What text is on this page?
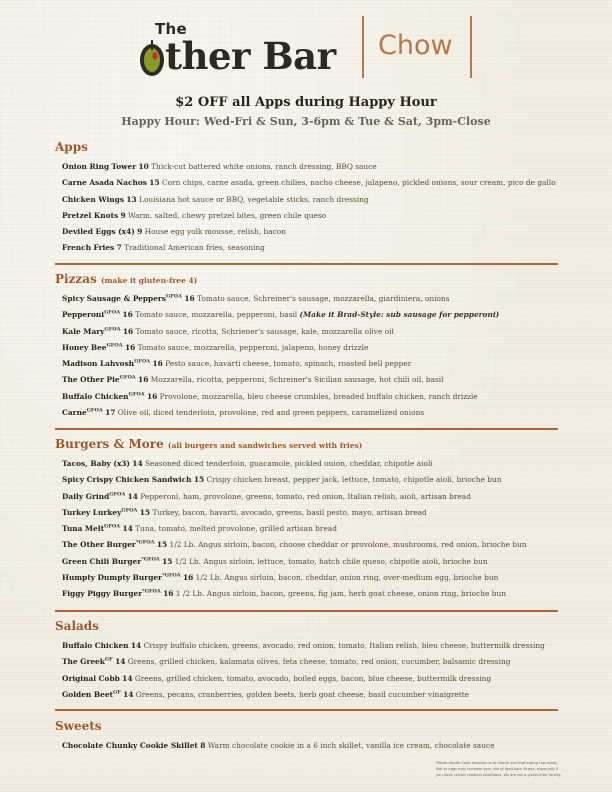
The
ther Bar Chow
$2 OFF all Apps during Happy Hour
Happy Hour: Wed-Fri & Sun, 3-6pm & Tue & Sat, 3pm-Close
Apps
Onion Ring Tower 10 Thick-cut battered white onions, ranch dressing, BBQ sauce
Carne Asada Nachos 15 Corn chips, carne asada, green chilies, nacho cheese, jalapeno, pickled onions, sour cream, pico de gallo
Chicken Wings 13 Louisiana hot sauce or BBQ, vegetable sticks, ranch dressing
Pretzel Knots 9 Warm, salted, chewy pretzel bites, green chile queso
Deviled Eggs (x4) 9 House egg yolk mousse, relish, bacon
French Fries 7 Traditional American fries, seasoning
Pizzas (make it gluten-free 4)
Spicy Sausage & Peppers$^{GFOA}$ 16 Tomato sauce, Schreiner's sausage, mozzarella, giardiniera, onions
Pepperoni$^{GFOA}$ 16 Tomato sauce, mozzarella, pepperoni, basil (Make it Brad-Style: sub sausage for pepperoni)
Kale Mary$^{GFOA}$ 16 Tomato sauce, ricotta, Schriener's sausage, kale, mozzarella olive oil
Honey Bee$^{GFOA}$ 16 Tomato sauce, mozzarella, pepperoni, jalapeno, honey drizzle
Madison Lahvosh$^{GFOA}$ 16 Pesto sauce, havarti cheese, tomato, spinach, roasted bell pepper
The Other Pie$^{GFOA}$ 16 Mozzarella, ricotta, pepperoni, Schreiner's Sicilian sausage, hot chili oil, basil
Buffalo Chicken$^{GFOA}$ 16 Provolone, mozzarella, bleu cheese crumbles, breaded buffalo chicken, ranch drizzle
Carne$^{GFOA}$ 17 Olive oil, diced tenderloin, provolone, red and green peppers, caramelized onions
Burgers & More (all burgers and sandwiches served with fries)
Tacos, Baby (x3) 14 Seasoned diced tenderloin, guacamole, pickled onion, cheddar, chipotle aioli
Spicy Crispy Chicken Sandwich 15 Crispy chicken breast, pepper jack, lettuce, tomato, chipotle aioli, brioche bun
Daily Grind$^{GFOA}$ 14 Pepperoni, ham, provolone, greens, tomato, red onion, Italian relish, aioli, artisan bread
Turkey Lurkey$^{GFOA}$ 15 Turkey, bacon, havarti, avocado, greens, basil pesto, mayo, artisan bread
Tuna Melt$^{GFOA}$ 14 Tuna, tomato, melted provolone, grilled artisan bread
The Other Burger$^{*GFOA}$ 15 1/2 Lb. Angus sirloin, bacon, choose cheddar or provolone, mushrooms, red onion, brioche bun
Green Chili Burger$^{*GFOA}$ 15 1/2 Lb. Angus sirloin, lettuce, tomato, hatch chile queso, chipotle aioli, brioche bun
Humpty Dumpty Burger$^{*GFOA}$ 16 1/2 Lb. Angus sirloin, bacon, cheddar, onion ring, over-medium egg, brioche bun
Figgy Piggy Burger$^{*GFOA}$ 16 1 /2 Lb. Angus sirloin, bacon, greens, fig jam, herb goat cheese, onion ring, brioche bun
Salads
Buffalo Chicken 14 Crispy buffalo chicken, greens, avocado, red onion, tomato, Italian relish, bleu cheese, buttermilk dressing
The Greek$^{GF}$ 14 Greens, grilled chicken, kalamata olives, feta cheese, tomato, red onion, cucumber, balsamic dressing
Original Cobb 14 Greens, grilled chicken, tomato, avocado, boiled eggs, bacon, blue cheese, buttermilk dressing
Golden Beet$^{GF}$ 14 Greens, pecans, cranberries, golden beets, herb goat cheese, basil cucumber vinaigrette
Sweets
Chocolate Chunky Cookie Skillet 8 Warm chocolate cookie in a 6 inch skillet, vanilla ice cream, chocolate sauce
*State Health Code requires us to inform you that eating raw meat,
fish or eggs may increase your risk of food-born illness, especially if
you have certain medical conditions. We are not a gluten-free facility.
